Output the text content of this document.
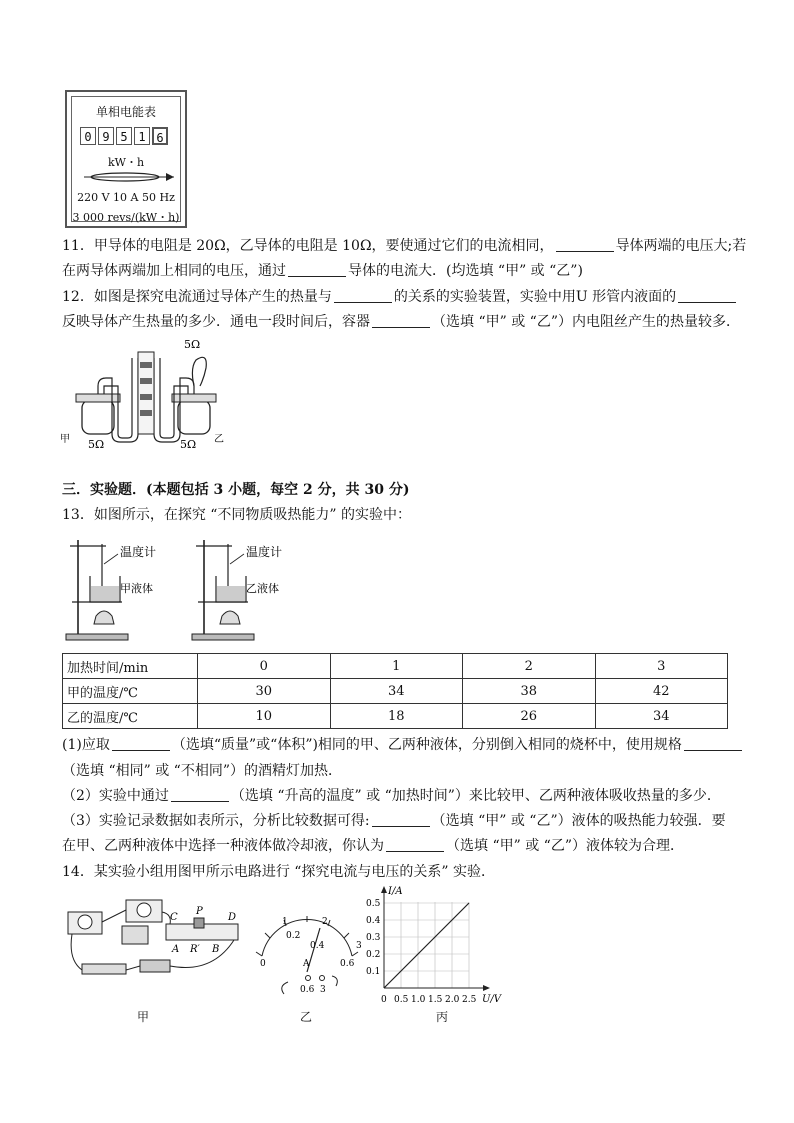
单相电能表
0 9 5 1 6
kW・h
220 V 10 A 50 Hz
3 000 revs/(kW・h)
11．甲导体的电阻是 20Ω，乙导体的电阻是 10Ω，要使通过它们的电流相同，	导体两端的电压大;若
在两导体两端加上相同的电压，通过	导体的电流大．(均选填 “甲” 或 “乙”)
12．如图是探究电流通过导体产生的热量与	的关系的实验装置，实验中用U 形管内液面的
反映导体产生热量的多少．通电一段时间后，容器	（选填 “甲” 或 “乙”）内电阻丝产生的热量较多．
5Ω
甲	乙
5Ω	5Ω
三．实验题．(本题包括 3 小题，每空 2 分，共 30 分)
13．如图所示，在探究 “不同物质吸热能力” 的实验中：
温度计
甲液体
温度计
乙液体
加热时间/min	0	1	2	3
甲的温度/℃	30	34	38	42
乙的温度/℃	10	18	26	34
(1)应取	（选填“质量”或“体积”)相同的甲、乙两种液体，分别倒入相同的烧杯中，使用规格
（选填 “相同” 或 “不相同”）的酒精灯加热．
（2）实验中通过	（选填 “升高的温度” 或 “加热时间”）来比较甲、乙两种液体吸收热量的多少．
（3）实验记录数据如表所示，分析比较数据可得:	（选填 “甲” 或 “乙”）液体的吸热能力较强．要
在甲、乙两种液体中选择一种液体做冷却液，你认为	（选填 “甲” 或 “乙”）液体较为合理．
14．某实验小组用图甲所示电路进行 “探究电流与电压的关系” 实验．
C
P
D
A R′ B
甲
1	2
3
0
0.2
0.4
0.6
A
0.6 3
乙
I/A
U/V
0.1
0.2
0.3
0.4
0.5
0 0.5 1.0 1.5 2.0 2.5
丙
